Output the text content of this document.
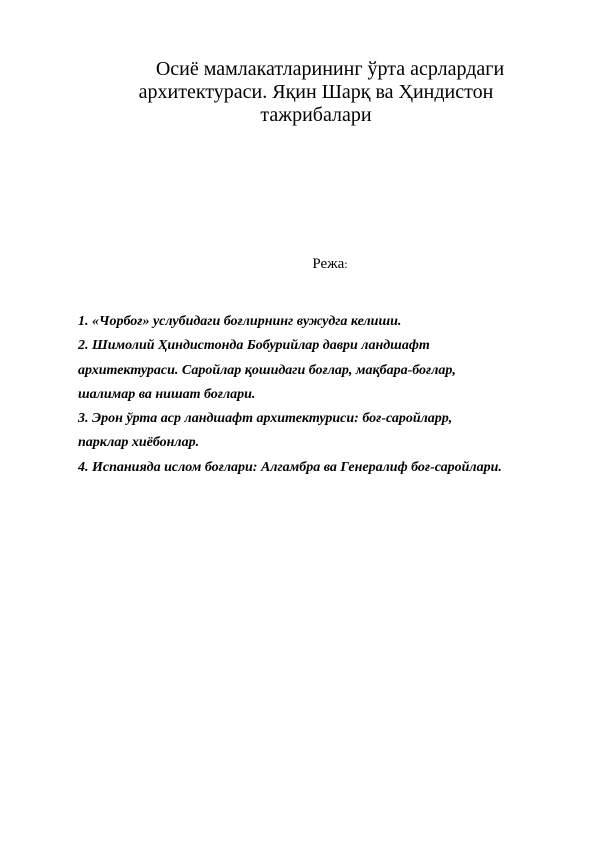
Осиё мамлакатларининг ўрта асрлардаги
архитектураси. Яқин Шарқ ва Ҳиндистон
тажрибалари
Режа:
1. «Чорбоғ» услубидаги боғлирнинг вужудга келиши.
2. Шимолий Ҳиндистонда Бобурийлар даври ландшафт
архитектураси. Саройлар қошидаги боғлар, мақбара-боғлар,
шалимар ва нишат боғлари.
3. Эрон ўрта аср ландшафт архитектуриси: боғ-саройларр,
парклар хиёбонлар.
4. Испанияда ислом боғлари: Алгамбра ва Генералиф боғ-саройлари.
